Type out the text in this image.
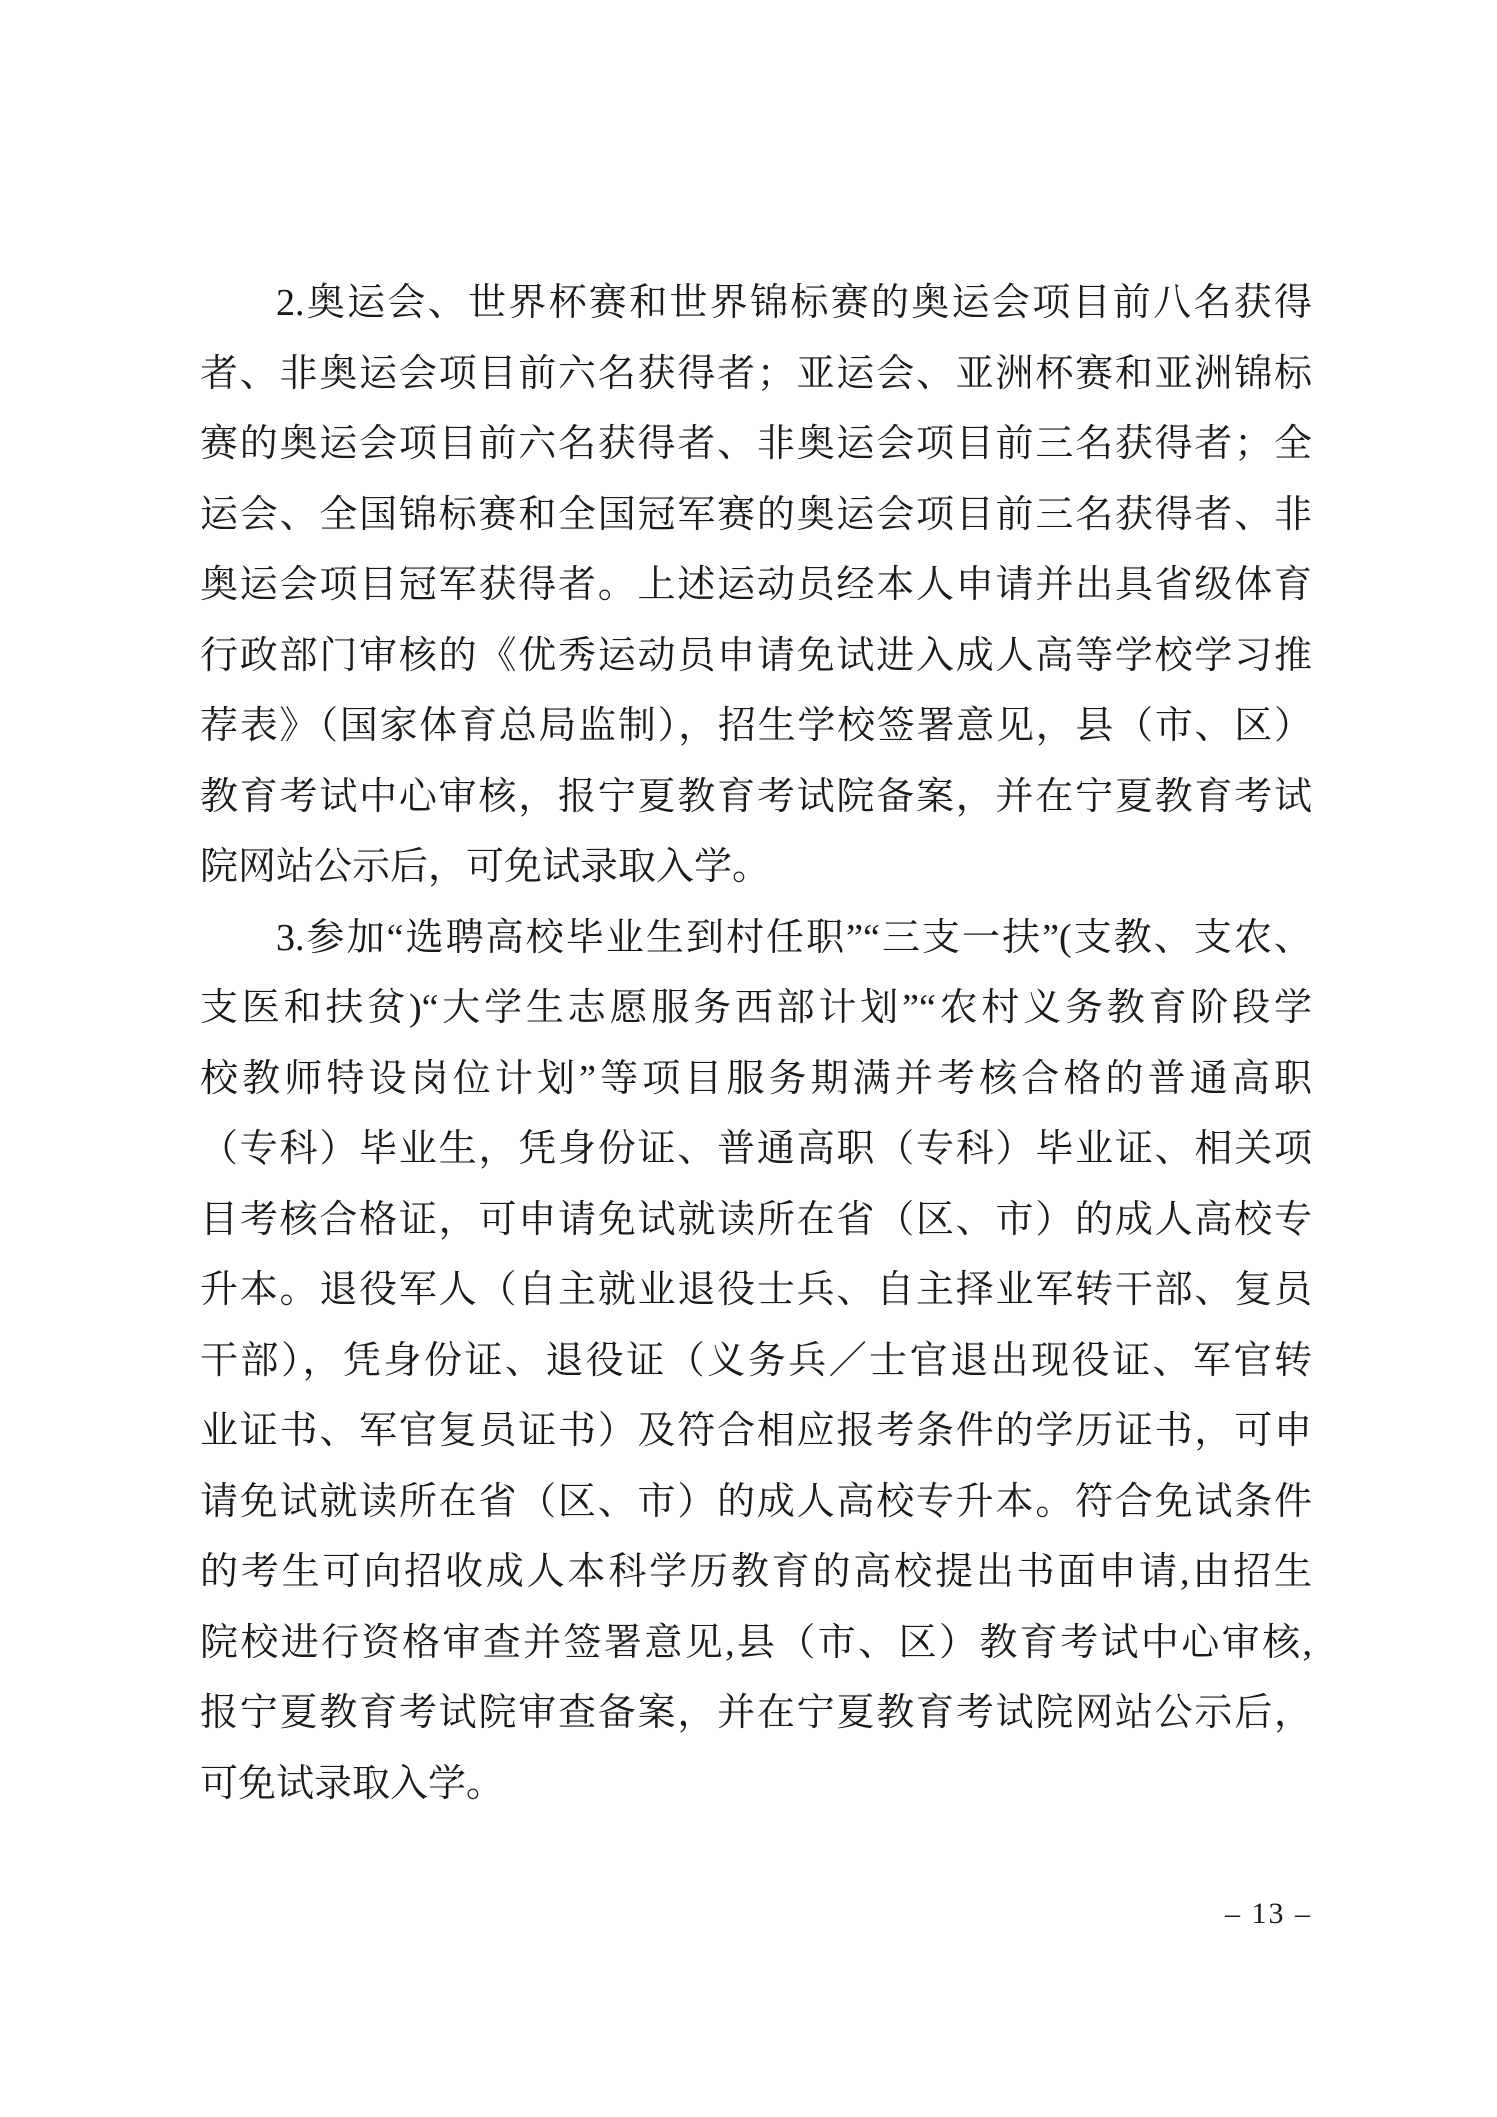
2.奥运会、世界杯赛和世界锦标赛的奥运会项目前八名获得
者、非奥运会项目前六名获得者；亚运会、亚洲杯赛和亚洲锦标
赛的奥运会项目前六名获得者、非奥运会项目前三名获得者；全
运会、全国锦标赛和全国冠军赛的奥运会项目前三名获得者、非
奥运会项目冠军获得者。上述运动员经本人申请并出具省级体育
行政部门审核的《优秀运动员申请免试进入成人高等学校学习推
荐表》（国家体育总局监制），招生学校签署意见，县（市、区）
教育考试中心审核，报宁夏教育考试院备案，并在宁夏教育考试
院网站公示后，可免试录取入学。
3.参加“选聘高校毕业生到村任职”“三支一扶”(支教、支农、
支医和扶贫)“大学生志愿服务西部计划”“农村义务教育阶段学
校教师特设岗位计划”等项目服务期满并考核合格的普通高职
（专科）毕业生，凭身份证、普通高职（专科）毕业证、相关项
目考核合格证，可申请免试就读所在省（区、市）的成人高校专
升本。退役军人（自主就业退役士兵、自主择业军转干部、复员
干部），凭身份证、退役证（义务兵／士官退出现役证、军官转
业证书、军官复员证书）及符合相应报考条件的学历证书，可申
请免试就读所在省（区、市）的成人高校专升本。符合免试条件
的考生可向招收成人本科学历教育的高校提出书面申请,由招生
院校进行资格审查并签署意见,县（市、区）教育考试中心审核,
报宁夏教育考试院审查备案，并在宁夏教育考试院网站公示后，
可免试录取入学。
– 13 –
